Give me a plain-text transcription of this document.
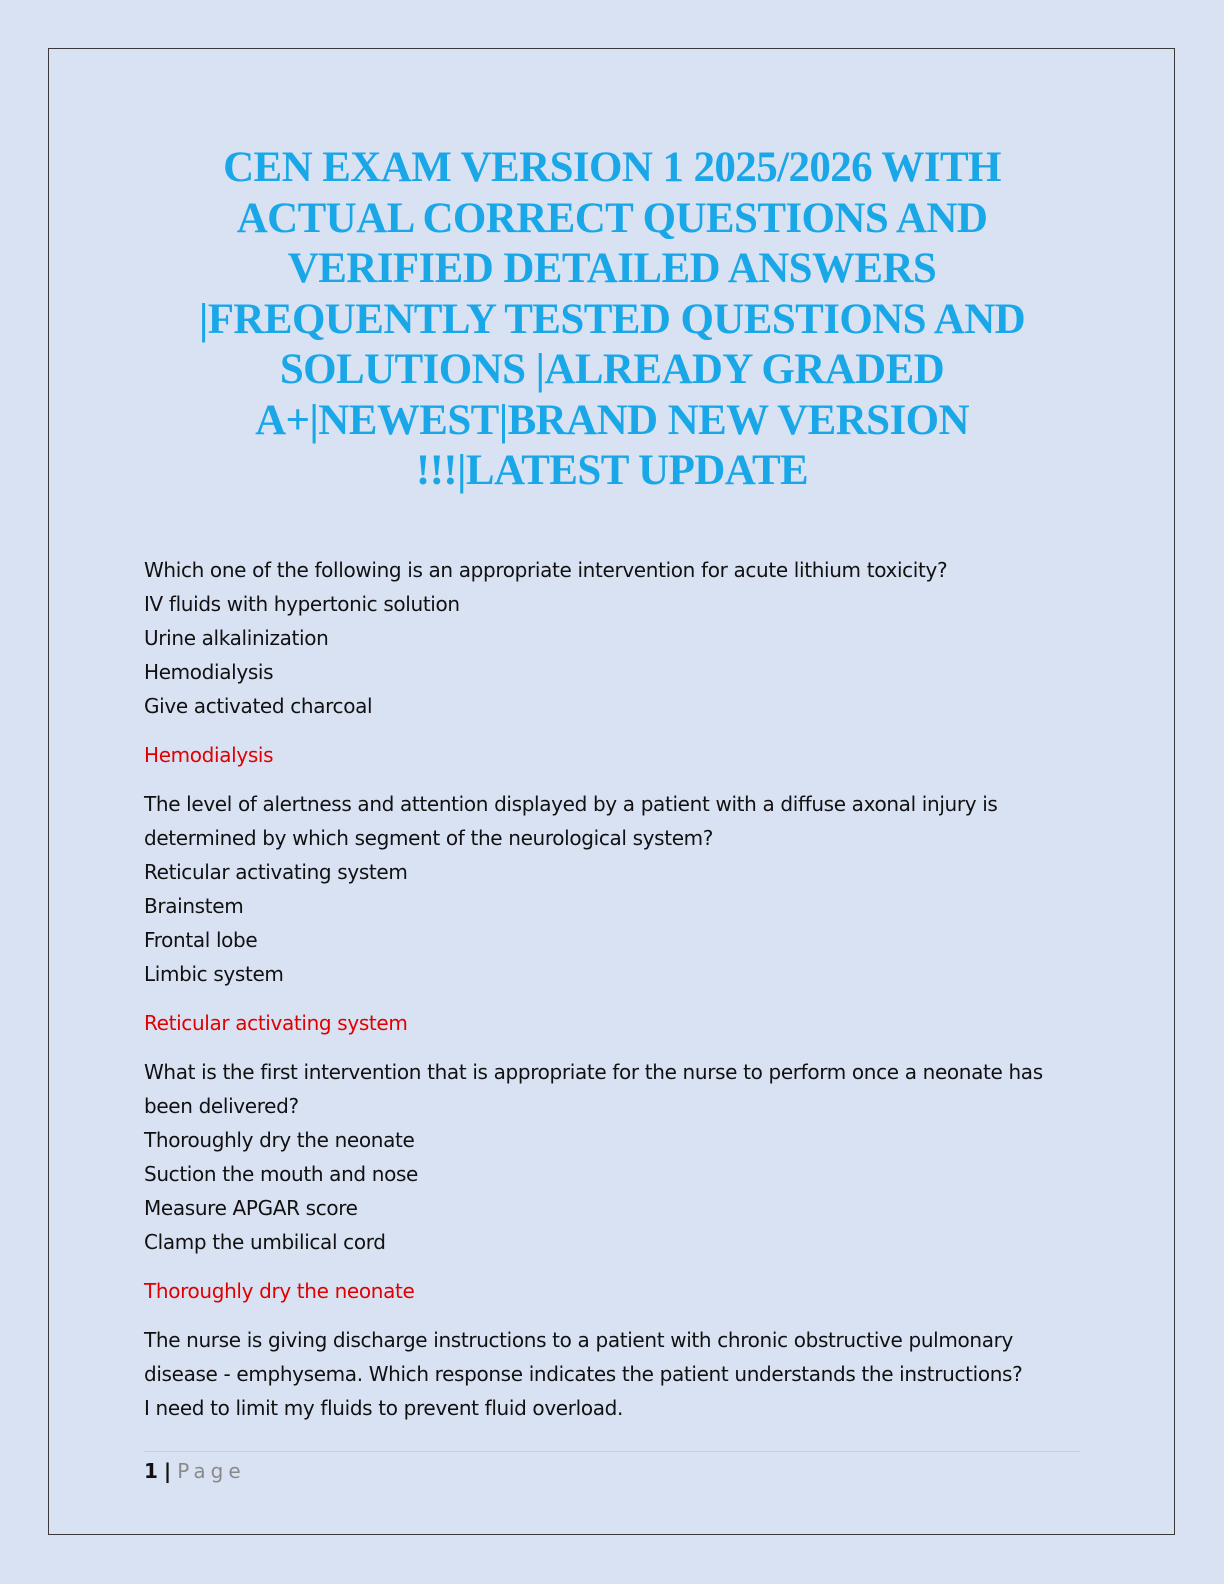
CEN EXAM VERSION 1 2025/2026 WITH
ACTUAL CORRECT QUESTIONS AND
VERIFIED DETAILED ANSWERS
|FREQUENTLY TESTED QUESTIONS AND
SOLUTIONS |ALREADY GRADED
A+|NEWEST|BRAND NEW VERSION
!!!|LATEST UPDATE

Which one of the following is an appropriate intervention for acute lithium toxicity?

IV fluids with hypertonic solution

Urine alkalinization

Hemodialysis

Give activated charcoal

Hemodialysis

The level of alertness and attention displayed by a patient with a diffuse axonal injury is

determined by which segment of the neurological system?

Reticular activating system

Brainstem

Frontal lobe

Limbic system

Reticular activating system

What is the first intervention that is appropriate for the nurse to perform once a neonate has

been delivered?

Thoroughly dry the neonate

Suction the mouth and nose

Measure APGAR score

Clamp the umbilical cord

Thoroughly dry the neonate

The nurse is giving discharge instructions to a patient with chronic obstructive pulmonary

disease - emphysema. Which response indicates the patient understands the instructions?

I need to limit my fluids to prevent fluid overload.

1 | Page
